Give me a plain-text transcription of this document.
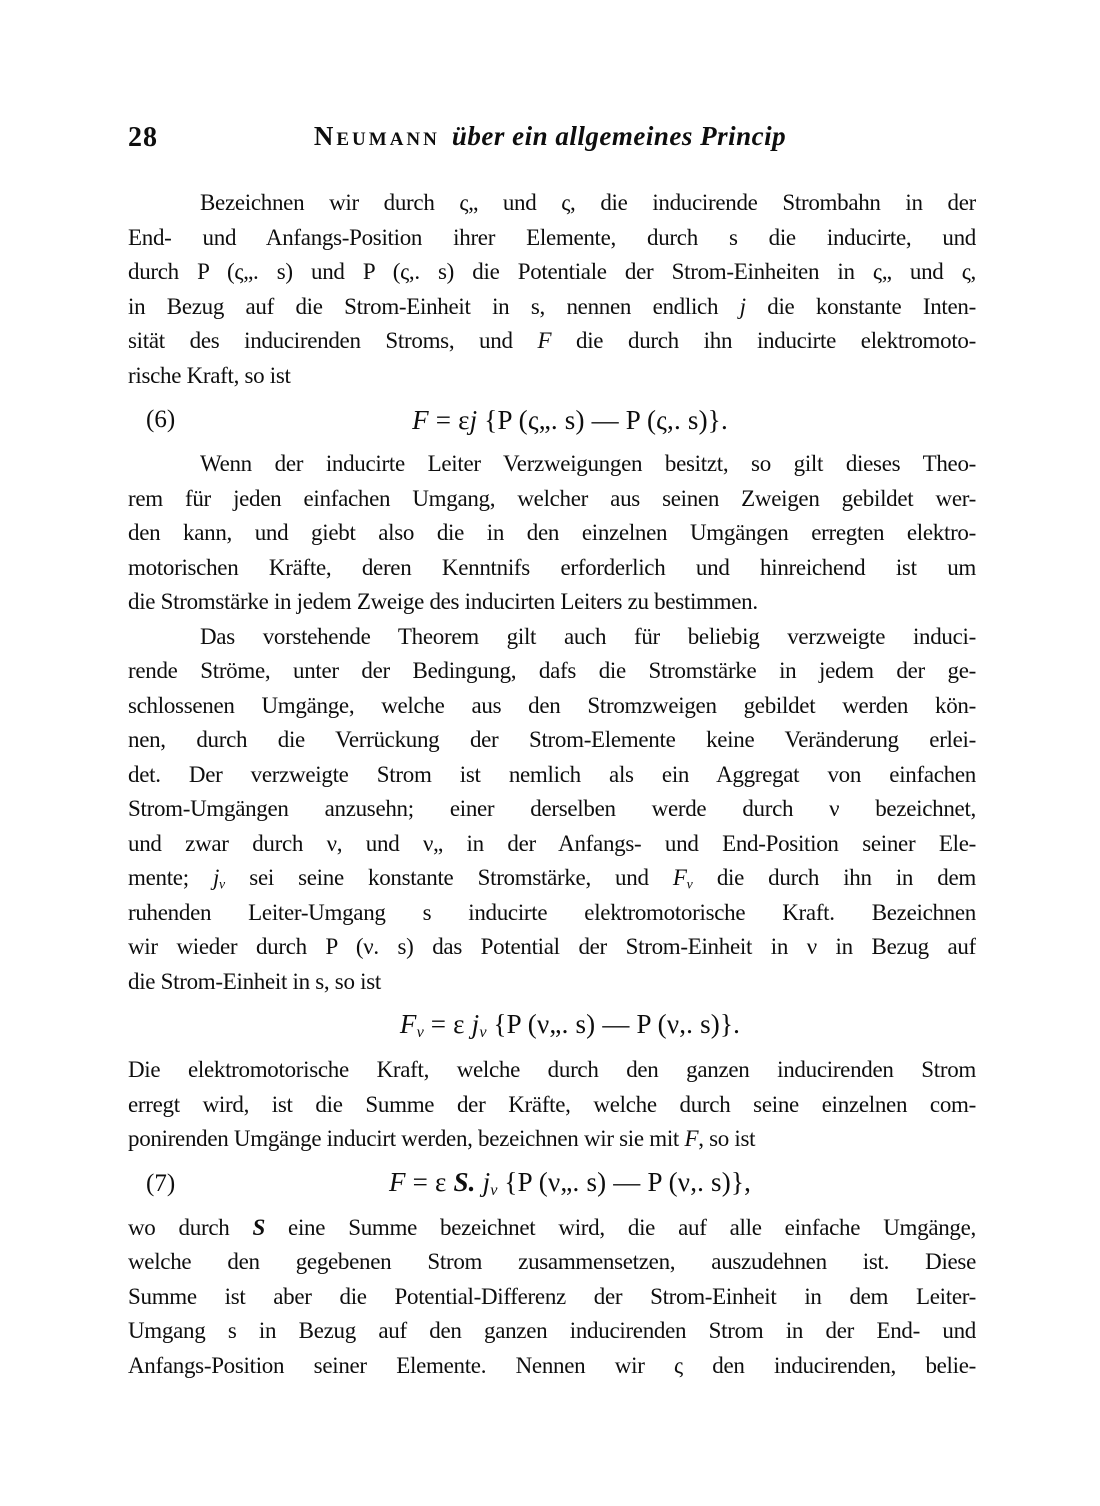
28	Neumann über ein allgemeines Princip
Bezeichnen wir durch ς„ und ς, die inducirende Strombahn in der
End- und Anfangs-Position ihrer Elemente, durch s die inducirte, und
durch P (ς„. s) und P (ς,. s) die Potentiale der Strom-Einheiten in ς„ und ς,
in Bezug auf die Strom-Einheit in s, nennen endlich j die konstante Inten-
sität des inducirenden Stroms, und F die durch ihn inducirte elektromoto-
rische Kraft, so ist
(6)	F = εj {P (ς„. s) — P (ς,. s)}.
Wenn der inducirte Leiter Verzweigungen besitzt, so gilt dieses Theo-
rem für jeden einfachen Umgang, welcher aus seinen Zweigen gebildet wer-
den kann, und giebt also die in den einzelnen Umgängen erregten elektro-
motorischen Kräfte, deren Kenntnifs erforderlich und hinreichend ist um
die Stromstärke in jedem Zweige des inducirten Leiters zu bestimmen.
Das vorstehende Theorem gilt auch für beliebig verzweigte induci-
rende Ströme, unter der Bedingung, dafs die Stromstärke in jedem der ge-
schlossenen Umgänge, welche aus den Stromzweigen gebildet werden kön-
nen, durch die Verrückung der Strom-Elemente keine Veränderung erlei-
det. Der verzweigte Strom ist nemlich als ein Aggregat von einfachen
Strom-Umgängen anzusehn; einer derselben werde durch ν bezeichnet,
und zwar durch ν, und ν„ in der Anfangs- und End-Position seiner Ele-
mente; $j_\nu$ sei seine konstante Stromstärke, und $F_\nu$ die durch ihn in dem
ruhenden Leiter-Umgang s inducirte elektromotorische Kraft. Bezeichnen
wir wieder durch P (ν. s) das Potential der Strom-Einheit in ν in Bezug auf
die Strom-Einheit in s, so ist
$F_\nu = \varepsilon$ $j_\nu$ {P (ν„. s) — P (ν,. s)}.
Die elektromotorische Kraft, welche durch den ganzen inducirenden Strom
erregt wird, ist die Summe der Kräfte, welche durch seine einzelnen com-
ponirenden Umgänge inducirt werden, bezeichnen wir sie mit F, so ist
(7)	F = ε S. $j_\nu$ {P (ν„. s) — P (ν,. s)},
wo durch S eine Summe bezeichnet wird, die auf alle einfache Umgänge,
welche den gegebenen Strom zusammensetzen, auszudehnen ist. Diese
Summe ist aber die Potential-Differenz der Strom-Einheit in dem Leiter-
Umgang s in Bezug auf den ganzen inducirenden Strom in der End- und
Anfangs-Position seiner Elemente. Nennen wir ς den inducirenden, belie-
